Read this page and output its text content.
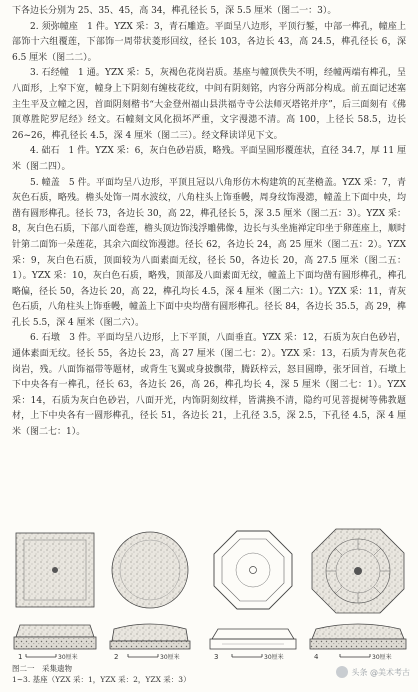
下各边长分别为 25、35、45，高 34，榫孔径长 5，深 5.5 厘米（图二一：3）。

2. 须弥幢座　1 件。YZX 采：3，青石雕造。平面呈八边形，平顶行錾，中部一榫孔，幢座上部饰十六组覆莲，下部饰一周带状菱形回纹，径长 103，各边长 43，高 24.5，榫孔径长 6，深 6.5 厘米（图二二）。

3. 石经幢　1 通。YZX 采：5，灰褐色花岗岩质。基座与幢顶佚失不明，经幢两端有榫孔，呈八面形，上窄下宽，幢身上下阴刻有缠枝花纹，中间有阴刻铭，内容分两部分构成。前五面记述塞主生平及立幢之因，首面阴刻楷书“大金登州福山县洪福寺寺公法师灭塔铭并序”，后三面刻有《佛顶尊胜陀罗尼经》经文。石幢刻文风化损坏严重，文字漫漶不清。高 100，上径长 58.5，边长 26~26，榫孔径长 4.5，深 4 厘米（图二三）。经文释读详见下文。

4. 础石　1 件。YZX 采：6，灰白色砂岩质，略残。平面呈圆形覆莲状，直径 34.7，厚 11 厘米（图二四）。

5. 幢盖　5 件。平面均呈八边形，平顶且冠以八角形仿木构建筑的瓦垄檐盖。YZX 采：7，青灰色石质，略残。檐头处饰一周水波纹，八角柱头上饰垂幔，周身纹饰漫漶，幢盖上下面中央，均凿有圆形榫孔。径长 73，各边长 30，高 22，榫孔径长 5，深 3.5 厘米（图二五：3）。YZX 采：8，灰白色石质，下部八面卷莲，檐头顶边饰浅浮雕佛像，边长与头坐施禅定印坐于卵莲座上，顺时针第二面饰一朵莲花，其余六面纹饰漫漶。径长 62，各边长 24，高 25 厘米（图二五：2）。YZX 采：9，灰白色石质，顶面较为八面素面无纹，径长 50，各边长 20，高 27.5 厘米（图二五：1）。YZX 采：10，灰白色石质，略残，顶部及八面素面无纹，幢盖上下面均凿有圆形榫孔，榫孔略偏，径长 50，各边长 20，高 22，榫孔均长 4.5，深 4 厘米（图二六：1）。YZX 采：11，青灰色石质，八角柱头上饰垂幔，幢盖上下面中央均凿有圆形榫孔。径长 84，各边长 35.5，高 29，榫孔长 5.5，深 4 厘米（图二六）。

6. 石墩　3 件。平面均呈八边形，上下平顶，八面垂直。YZX 采：12，石质为灰白色砂岩，通体素面无纹。径长 55，各边长 23，高 27 厘米（图二七：2）。YZX 采：13，石质为青灰色花岗岩，残。八面饰福带等题材，或背生飞翼或身披飘带，腾跃梓云，怒目圆睁，张牙回首，石墩上下中央各有一榫孔，径长 63，各边长 26，高 26，榫孔均长 4，深 5 厘米（图二七：1）。YZX 采：14，石质为灰白色砂岩，八面开光，内饰阴刻纹样，皆满换不清，隐约可见菩提树等佛教题材，上下中央各有一圆形榫孔，径长 51，各边长 21，上孔径 3.5，深 2.5，下孔径 4.5，深 4 厘米（图二七：1）。

30厘米
1	30厘米
2	30厘米
3	30厘米
4
图二一　采集遗物
1~3. 基座（YZX 采：1，YZX 采：2，YZX 采：3）
头条 @美术考古
